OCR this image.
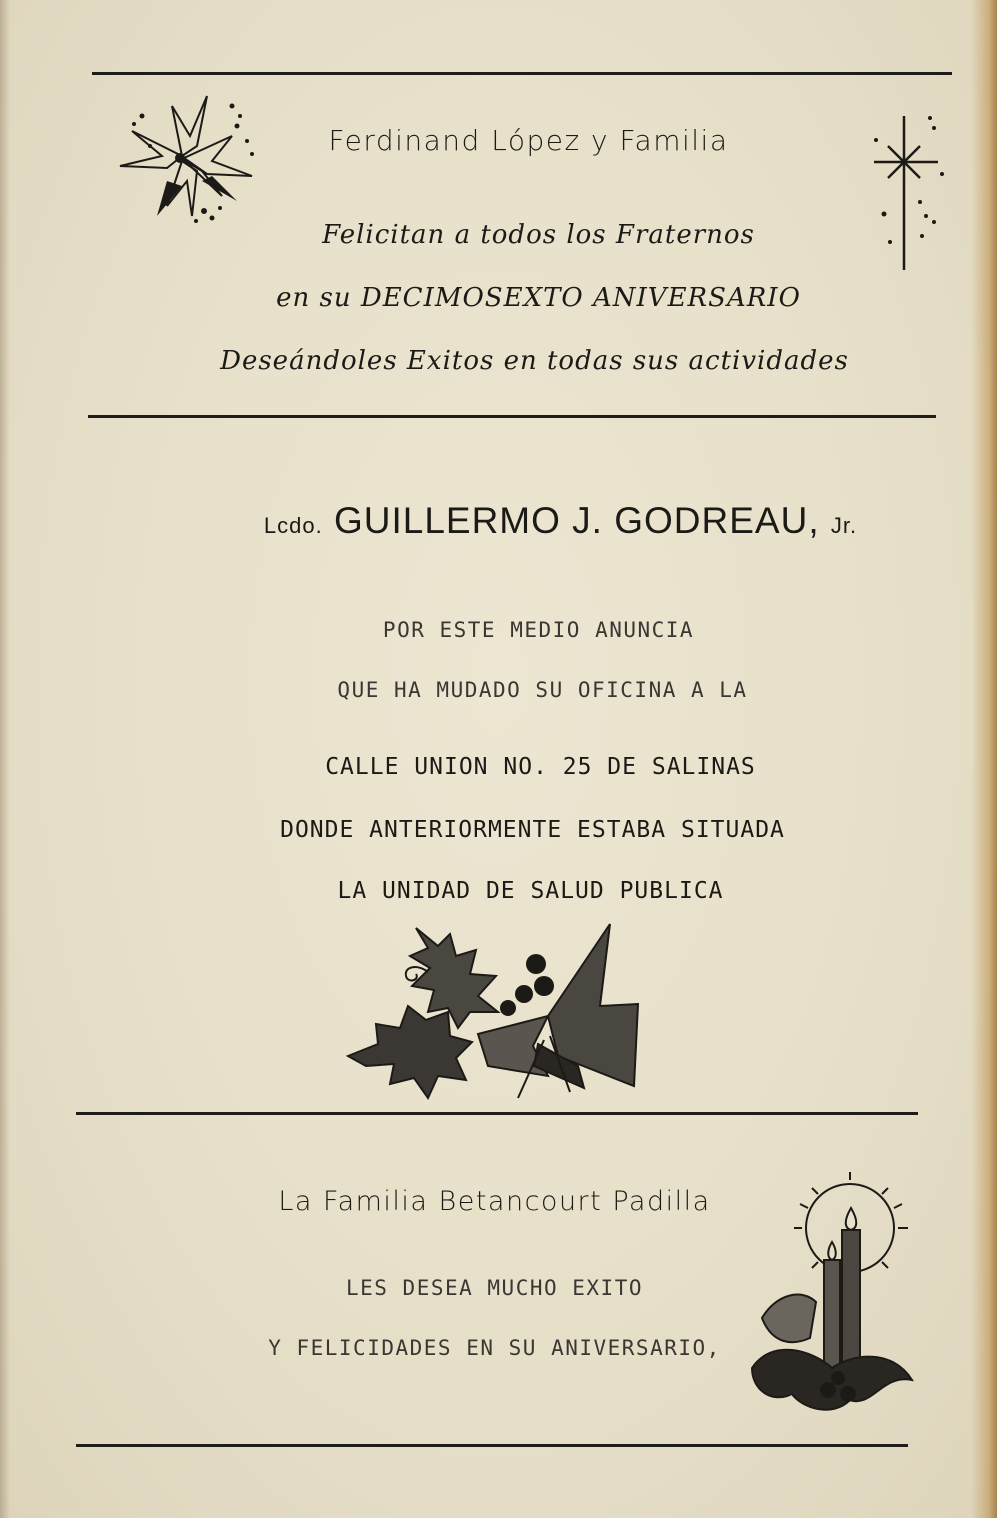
Ferdinand López y Familia
Felicitan a todos los Fraternos
en su DECIMOSEXTO ANIVERSARIO
Deseándoles Exitos en todas sus actividades
Lcdo. GUILLERMO J. GODREAU, Jr.
POR ESTE MEDIO ANUNCIA
QUE HA MUDADO SU OFICINA A LA
CALLE UNION NO. 25 DE SALINAS
DONDE ANTERIORMENTE ESTABA SITUADA
LA UNIDAD DE SALUD PUBLICA
La Familia Betancourt Padilla
LES DESEA MUCHO EXITO
Y FELICIDADES EN SU ANIVERSARIO,
